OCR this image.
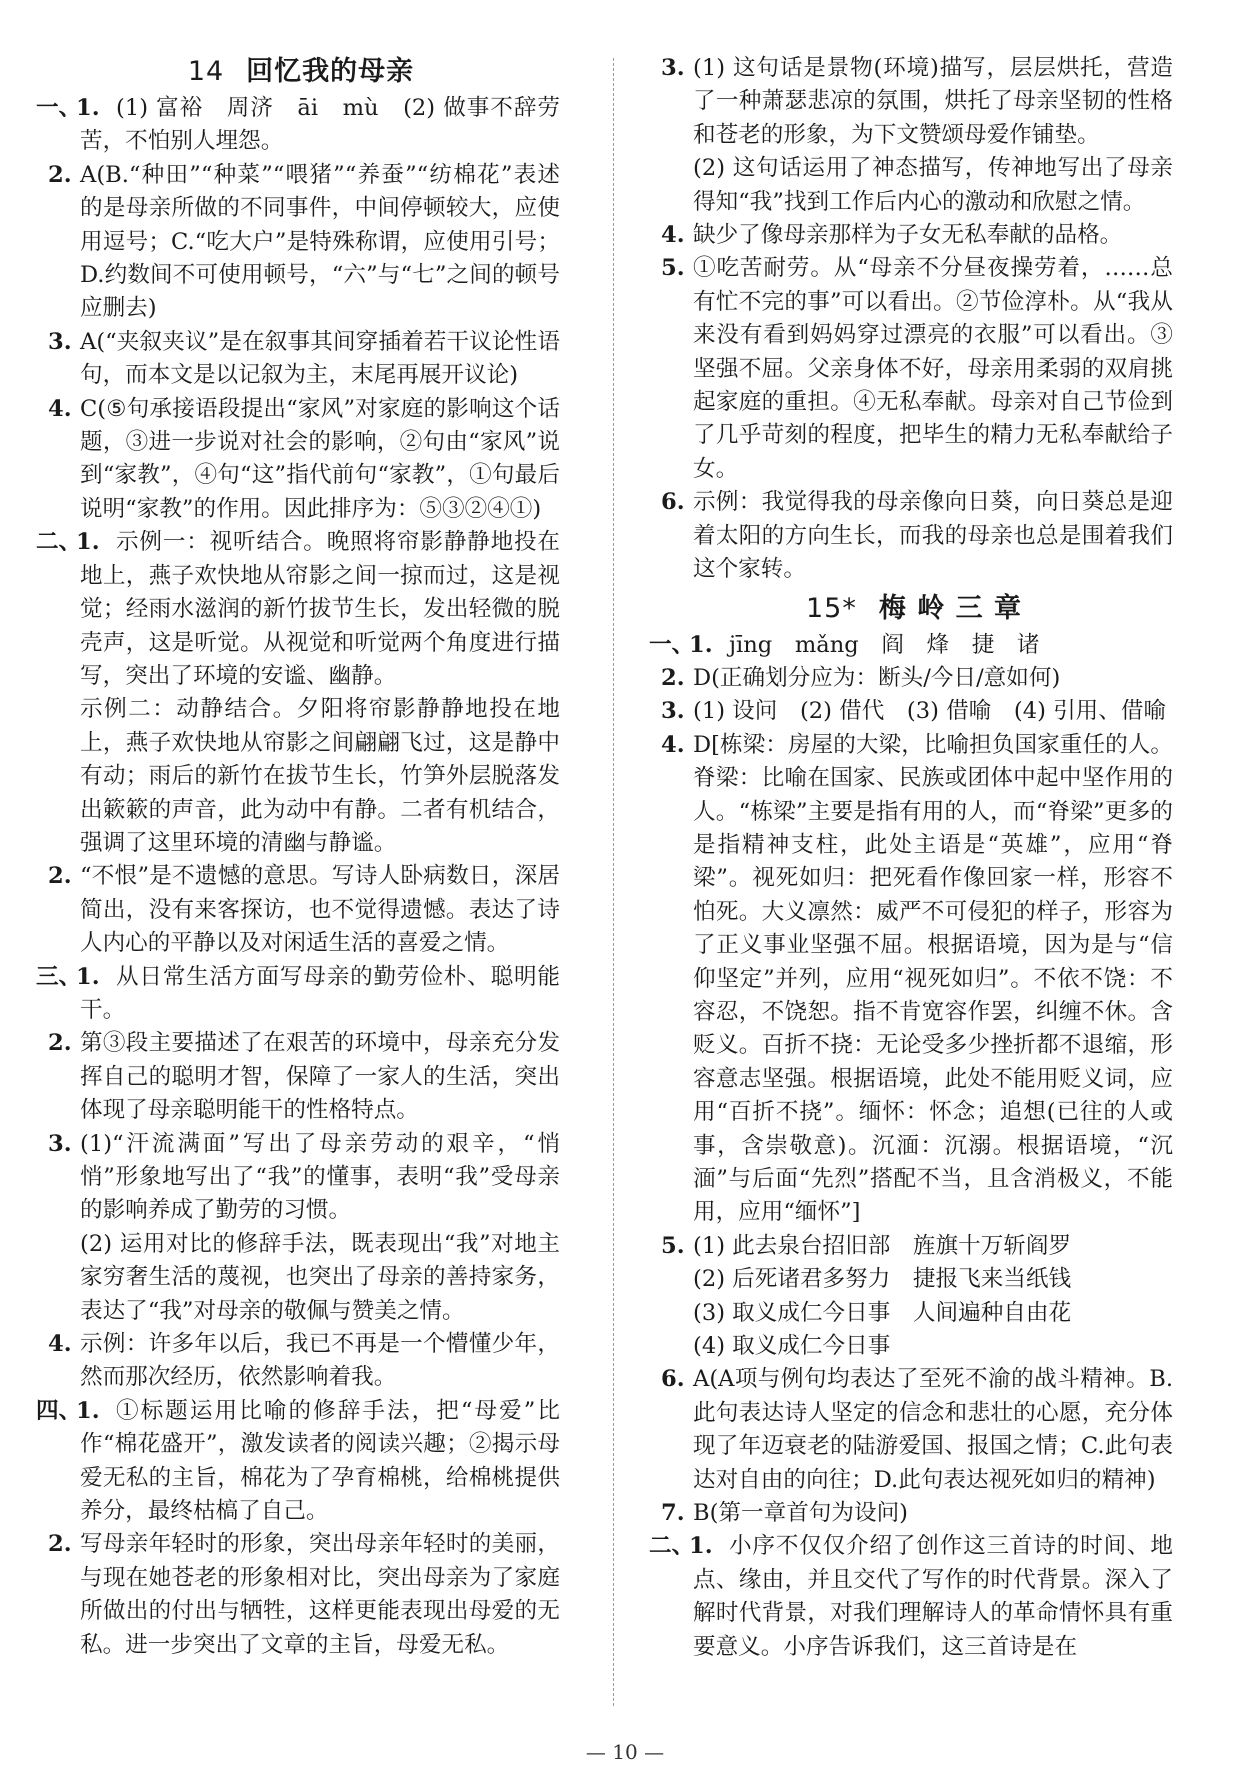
14 回忆我的母亲
一、
1. (1) 富裕　周济　āi　mù　(2) 做事不辞劳苦，不怕别人埋怨。
2. A(B.“种田”“种菜”“喂猪”“养蚕”“纺棉花”表述的是母亲所做的不同事件，中间停顿较大，应使用逗号；C.“吃大户”是特殊称谓，应使用引号；D.约数间不可使用顿号，“六”与“七”之间的顿号应删去)
3. A(“夹叙夹议”是在叙事其间穿插着若干议论性语句，而本文是以记叙为主，末尾再展开议论)
4. C(⑤句承接语段提出“家风”对家庭的影响这个话题，③进一步说对社会的影响，②句由“家风”说到“家教”，④句“这”指代前句“家教”，①句最后说明“家教”的作用。因此排序为：⑤③②④①)
二、
1. 示例一：视听结合。晚照将帘影静静地投在地上，燕子欢快地从帘影之间一掠而过，这是视觉；经雨水滋润的新竹拔节生长，发出轻微的脱壳声，这是听觉。从视觉和听觉两个角度进行描写，突出了环境的安谧、幽静。
示例二：动静结合。夕阳将帘影静静地投在地上，燕子欢快地从帘影之间翩翩飞过，这是静中有动；雨后的新竹在拔节生长，竹笋外层脱落发出簌簌的声音，此为动中有静。二者有机结合，强调了这里环境的清幽与静谧。
2. “不恨”是不遗憾的意思。写诗人卧病数日，深居简出，没有来客探访，也不觉得遗憾。表达了诗人内心的平静以及对闲适生活的喜爱之情。
三、
1. 从日常生活方面写母亲的勤劳俭朴、聪明能干。
2. 第③段主要描述了在艰苦的环境中，母亲充分发挥自己的聪明才智，保障了一家人的生活，突出体现了母亲聪明能干的性格特点。
3. (1)“汗流满面”写出了母亲劳动的艰辛，“悄悄”形象地写出了“我”的懂事，表明“我”受母亲的影响养成了勤劳的习惯。
(2) 运用对比的修辞手法，既表现出“我”对地主家穷奢生活的蔑视，也突出了母亲的善持家务，表达了“我”对母亲的敬佩与赞美之情。
4. 示例：许多年以后，我已不再是一个懵懂少年，然而那次经历，依然影响着我。
四、
1. ①标题运用比喻的修辞手法，把“母爱”比作“棉花盛开”，激发读者的阅读兴趣；②揭示母爱无私的主旨，棉花为了孕育棉桃，给棉桃提供养分，最终枯槁了自己。
2. 写母亲年轻时的形象，突出母亲年轻时的美丽，与现在她苍老的形象相对比，突出母亲为了家庭所做出的付出与牺牲，这样更能表现出母爱的无私。进一步突出了文章的主旨，母爱无私。
3. (1) 这句话是景物(环境)描写，层层烘托，营造了一种萧瑟悲凉的氛围，烘托了母亲坚韧的性格和苍老的形象，为下文赞颂母爱作铺垫。
(2) 这句话运用了神态描写，传神地写出了母亲得知“我”找到工作后内心的激动和欣慰之情。
4. 缺少了像母亲那样为子女无私奉献的品格。
5. ①吃苦耐劳。从“母亲不分昼夜操劳着，……总有忙不完的事”可以看出。②节俭淳朴。从“我从来没有看到妈妈穿过漂亮的衣服”可以看出。③坚强不屈。父亲身体不好，母亲用柔弱的双肩挑起家庭的重担。④无私奉献。母亲对自己节俭到了几乎苛刻的程度，把毕生的精力无私奉献给子女。
6. 示例：我觉得我的母亲像向日葵，向日葵总是迎着太阳的方向生长，而我的母亲也总是围着我们这个家转。
15* 梅 岭 三 章
一、
1. jīng　mǎng　阎　烽　捷　诸
2. D(正确划分应为：断头/今日/意如何)
3. (1) 设问　(2) 借代　(3) 借喻　(4) 引用、借喻
4. D[栋梁：房屋的大梁，比喻担负国家重任的人。脊梁：比喻在国家、民族或团体中起中坚作用的人。“栋梁”主要是指有用的人，而“脊梁”更多的是指精神支柱，此处主语是“英雄”，应用“脊梁”。视死如归：把死看作像回家一样，形容不怕死。大义凛然：威严不可侵犯的样子，形容为了正义事业坚强不屈。根据语境，因为是与“信仰坚定”并列，应用“视死如归”。不依不饶：不容忍，不饶恕。指不肯宽容作罢，纠缠不休。含贬义。百折不挠：无论受多少挫折都不退缩，形容意志坚强。根据语境，此处不能用贬义词，应用“百折不挠”。缅怀：怀念；追想(已往的人或事，含崇敬意)。沉湎：沉溺。根据语境，“沉湎”与后面“先烈”搭配不当，且含消极义，不能用，应用“缅怀”]
5. (1) 此去泉台招旧部　旌旗十万斩阎罗
(2) 后死诸君多努力　捷报飞来当纸钱
(3) 取义成仁今日事　人间遍种自由花
(4) 取义成仁今日事
6. A(A项与例句均表达了至死不渝的战斗精神。B.此句表达诗人坚定的信念和悲壮的心愿，充分体现了年迈衰老的陆游爱国、报国之情；C.此句表达对自由的向往；D.此句表达视死如归的精神)
7. B(第一章首句为设问)
二、
1. 小序不仅仅介绍了创作这三首诗的时间、地点、缘由，并且交代了写作的时代背景。深入了解时代背景，对我们理解诗人的革命情怀具有重要意义。小序告诉我们，这三首诗是在
— 10 —
